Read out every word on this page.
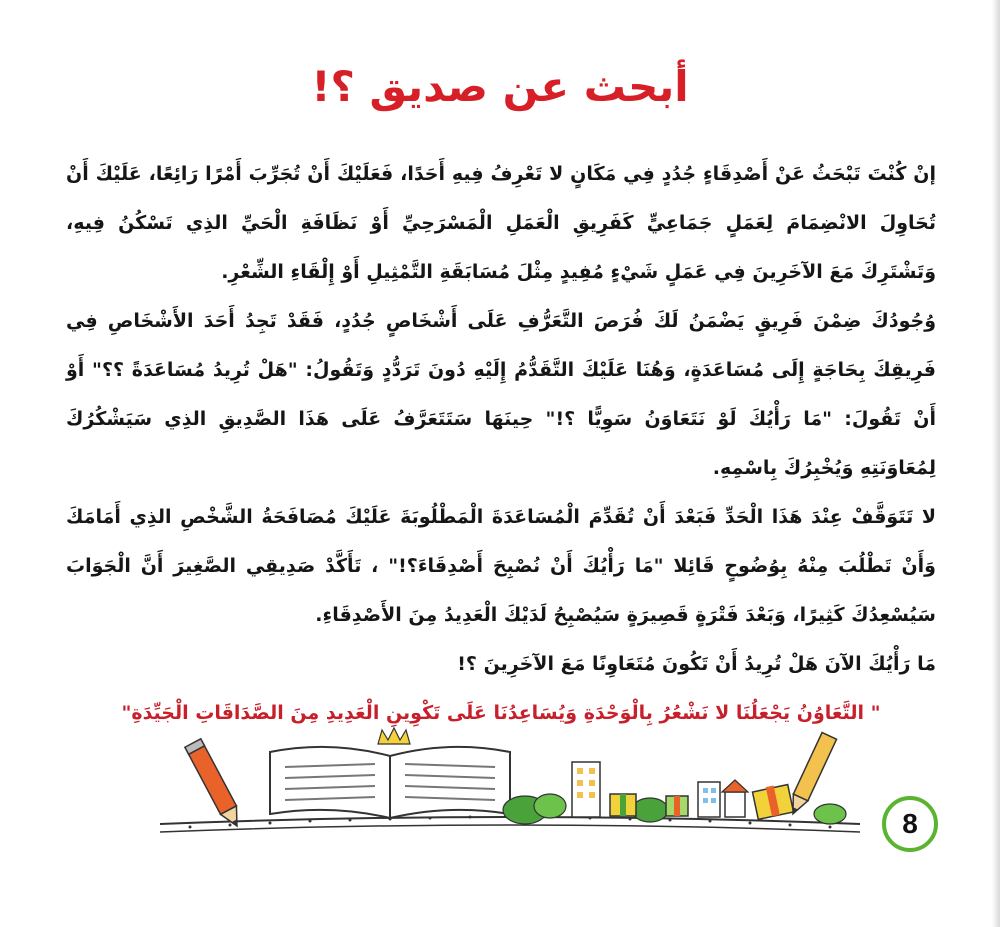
أبحث عن صديق ؟!

إنْ كُنْتَ تَبْحَثُ عَنْ أَصْدِقَاءٍ جُدُدٍ فِي مَكَانٍ لا تَعْرِفُ فِيهِ أَحَدًا، فَعَلَيْكَ أَنْ تُجَرِّبَ أَمْرًا رَائِعًا، عَلَيْكَ أَنْ تُحَاوِلَ الانْضِمَامَ لِعَمَلٍ جَمَاعِيٍّ كَفَرِيقِ الْعَمَلِ الْمَسْرَحِيِّ أَوْ نَظَافَةِ الْحَيِّ الذِي تَسْكُنُ فِيهِ، وَتَشْتَرِكَ مَعَ الآخَرِينَ فِي عَمَلٍ شَيْءٍ مُفِيدٍ مِثْلَ مُسَابَقَةِ التَّمْثِيلِ أَوْ إِلْقَاءِ الشِّعْرِ.

وُجُودُكَ ضِمْنَ فَرِيقٍ يَضْمَنُ لَكَ فُرَصَ التَّعَرُّفِ عَلَى أَشْخَاصٍ جُدُدٍ، فَقَدْ تَجِدُ أَحَدَ الأَشْخَاصِ فِي فَرِيقِكَ بِحَاجَةٍ إِلَى مُسَاعَدَةٍ، وَهُنَا عَلَيْكَ التَّقَدُّمُ إِلَيْهِ دُونَ تَرَدُّدٍ وَتَقُولُ: "هَلْ تُرِيدُ مُسَاعَدَةً ؟؟" أَوْ أَنْ تَقُولَ: "مَا رَأْيُكَ لَوْ نَتَعَاوَنُ سَوِيًّا ؟!" حِينَهَا سَتَتَعَرَّفُ عَلَى هَذَا الصَّدِيقِ الذِي سَيَشْكُرُكَ لِمُعَاوَنَتِهِ وَيُخْبِرُكَ بِاسْمِهِ.

لا تَتَوَقَّفْ عِنْدَ هَذَا الْحَدِّ فَبَعْدَ أَنْ تُقَدِّمَ الْمُسَاعَدَةَ الْمَطْلُوبَةَ عَلَيْكَ مُصَافَحَةُ الشَّخْصِ الذِي أَمَامَكَ وَأَنْ تَطْلُبَ مِنْهُ بِوُضُوحٍ قَائِلا "مَا رَأْيُكَ أَنْ نُصْبِحَ أَصْدِقَاءَ؟!" ، تَأَكَّدْ صَدِيقِي الصَّغِيرَ أَنَّ الْجَوَابَ سَيُسْعِدُكَ كَثِيرًا، وَبَعْدَ فَتْرَةٍ قَصِيرَةٍ سَيُصْبِحُ لَدَيْكَ الْعَدِيدُ مِنَ الأَصْدِقَاءِ.

مَا رَأْيُكَ الآنَ هَلْ تُرِيدُ أَنْ تَكُونَ مُتَعَاوِنًا مَعَ الآخَرِينَ ؟!

" التَّعَاوُنُ يَجْعَلُنَا لا نَشْعُرُ بِالْوَحْدَةِ وَيُسَاعِدُنَا عَلَى تَكْوِينِ الْعَدِيدِ مِنَ الصَّدَاقَاتِ الْجَيِّدَةِ"

8
